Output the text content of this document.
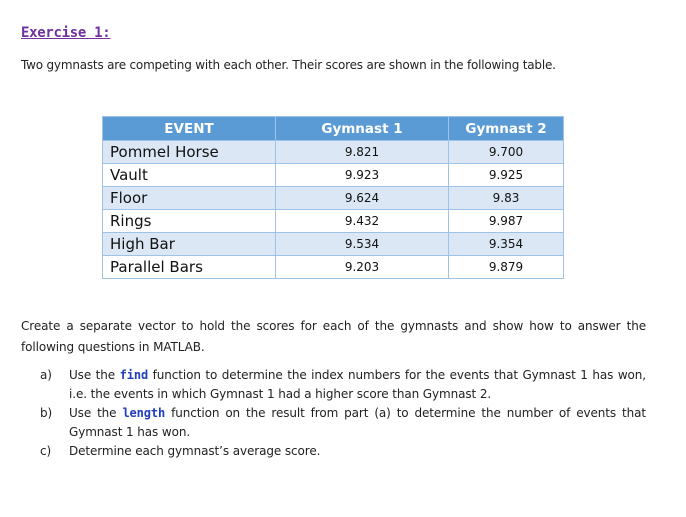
Exercise 1:
Two gymnasts are competing with each other. Their scores are shown in the following table.
EVENT	Gymnast 1	Gymnast 2
Pommel Horse	9.821	9.700
Vault	9.923	9.925
Floor	9.624	9.83
Rings	9.432	9.987
High Bar	9.534	9.354
Parallel Bars	9.203	9.879
Create a separate vector to hold the scores for each of the gymnasts and show how to answer the following questions in MATLAB.
a) Use the find function to determine the index numbers for the events that Gymnast 1 has won, i.e. the events in which Gymnast 1 had a higher score than Gymnast 2.
b) Use the length function on the result from part (a) to determine the number of events that Gymnast 1 has won.
c) Determine each gymnast’s average score.
